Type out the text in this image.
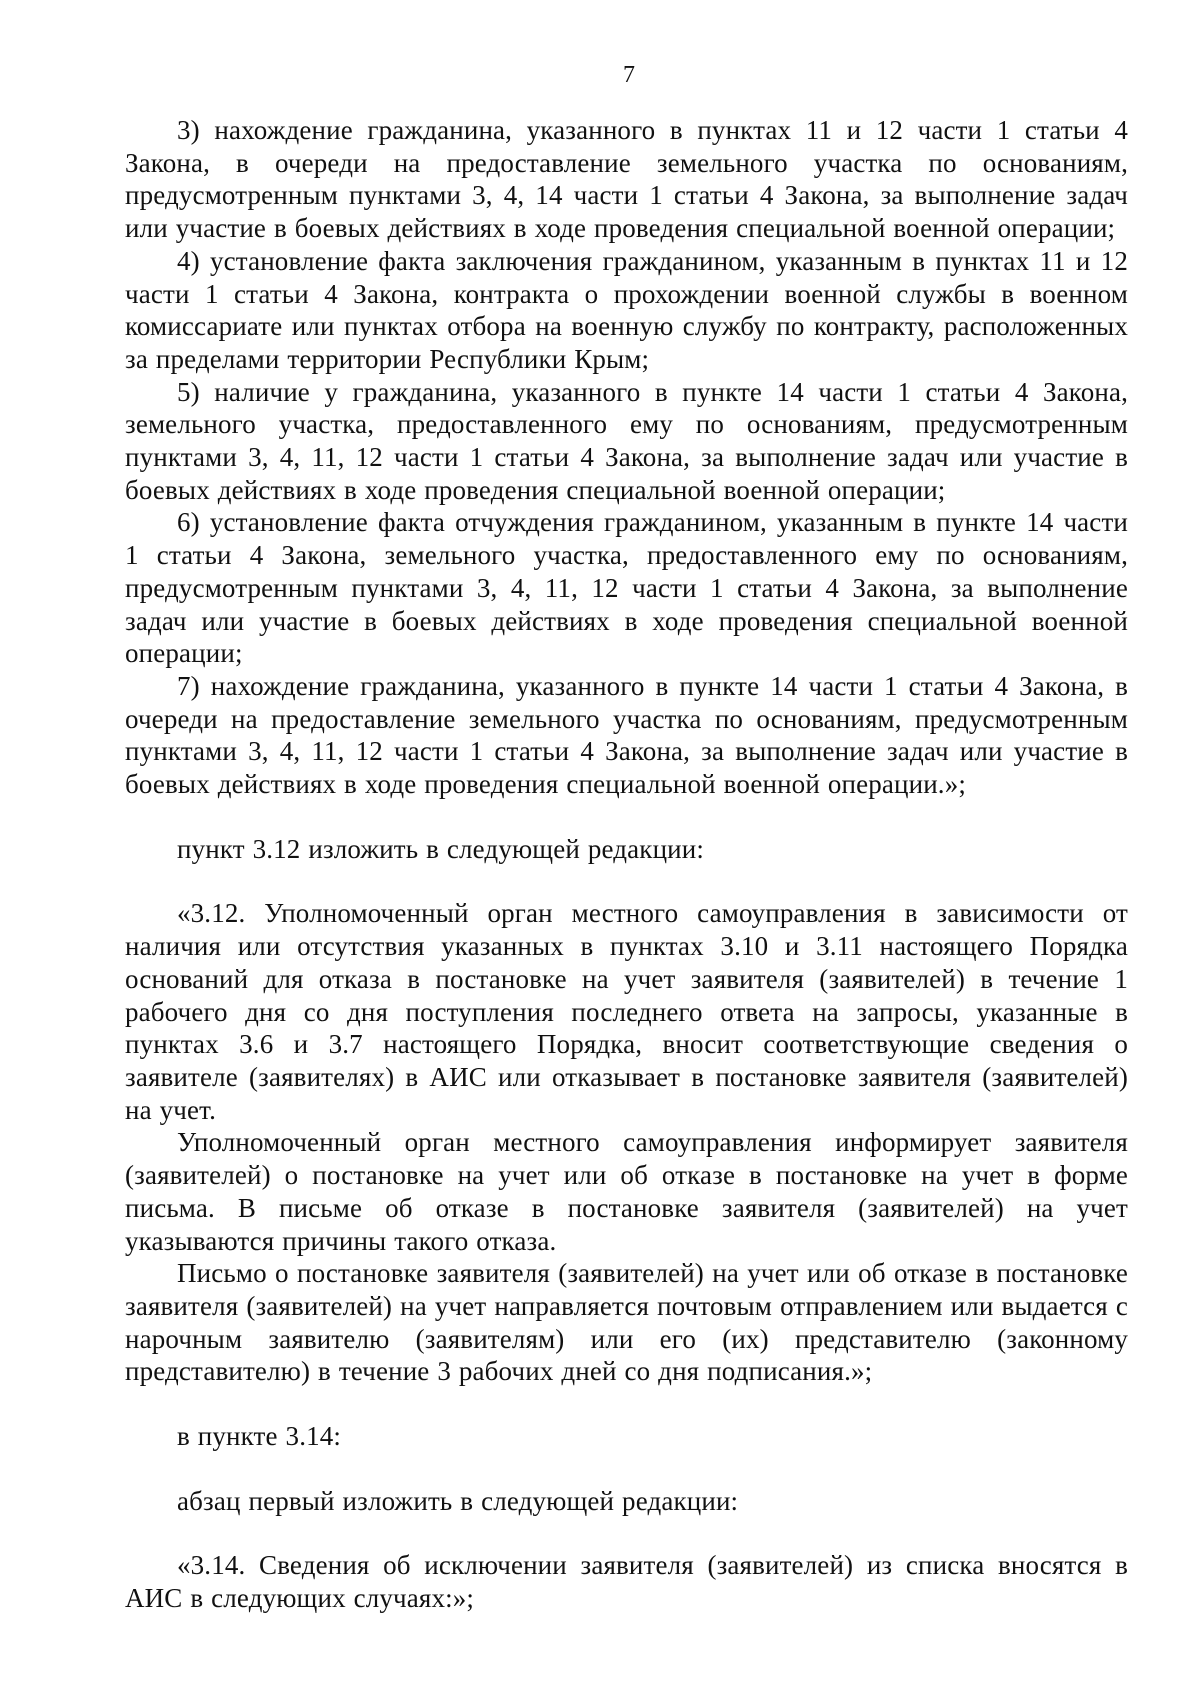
7

3) нахождение гражданина, указанного в пунктах 11 и 12 части 1 статьи 4 Закона, в очереди на предоставление земельного участка по основаниям, предусмотренным пунктами 3, 4, 14 части 1 статьи 4 Закона, за выполнение задач или участие в боевых действиях в ходе проведения специальной военной операции;

4) установление факта заключения гражданином, указанным в пунктах 11 и 12 части 1 статьи 4 Закона, контракта о прохождении военной службы в военном комиссариате или пунктах отбора на военную службу по контракту, расположенных за пределами территории Республики Крым;

5) наличие у гражданина, указанного в пункте 14 части 1 статьи 4 Закона, земельного участка, предоставленного ему по основаниям, предусмотренным пунктами 3, 4, 11, 12 части 1 статьи 4 Закона, за выполнение задач или участие в боевых действиях в ходе проведения специальной военной операции;

6) установление факта отчуждения гражданином, указанным в пункте 14 части 1 статьи 4 Закона, земельного участка, предоставленного ему по основаниям, предусмотренным пунктами 3, 4, 11, 12 части 1 статьи 4 Закона, за выполнение задач или участие в боевых действиях в ходе проведения специальной военной операции;

7) нахождение гражданина, указанного в пункте 14 части 1 статьи 4 Закона, в очереди на предоставление земельного участка по основаниям, предусмотренным пунктами 3, 4, 11, 12 части 1 статьи 4 Закона, за выполнение задач или участие в боевых действиях в ходе проведения специальной военной операции.»;

пункт 3.12 изложить в следующей редакции:

«3.12. Уполномоченный орган местного самоуправления в зависимости от наличия или отсутствия указанных в пунктах 3.10 и 3.11 настоящего Порядка оснований для отказа в постановке на учет заявителя (заявителей) в течение 1 рабочего дня со дня поступления последнего ответа на запросы, указанные в пунктах 3.6 и 3.7 настоящего Порядка, вносит соответствующие сведения о заявителе (заявителях) в АИС или отказывает в постановке заявителя (заявителей) на учет.

Уполномоченный орган местного самоуправления информирует заявителя (заявителей) о постановке на учет или об отказе в постановке на учет в форме письма. В письме об отказе в постановке заявителя (заявителей) на учет указываются причины такого отказа.

Письмо о постановке заявителя (заявителей) на учет или об отказе в постановке заявителя (заявителей) на учет направляется почтовым отправлением или выдается с нарочным заявителю (заявителям) или его (их) представителю (законному представителю) в течение 3 рабочих дней со дня подписания.»;

в пункте 3.14:

абзац первый изложить в следующей редакции:

«3.14. Сведения об исключении заявителя (заявителей) из списка вносятся в АИС в следующих случаях:»;
